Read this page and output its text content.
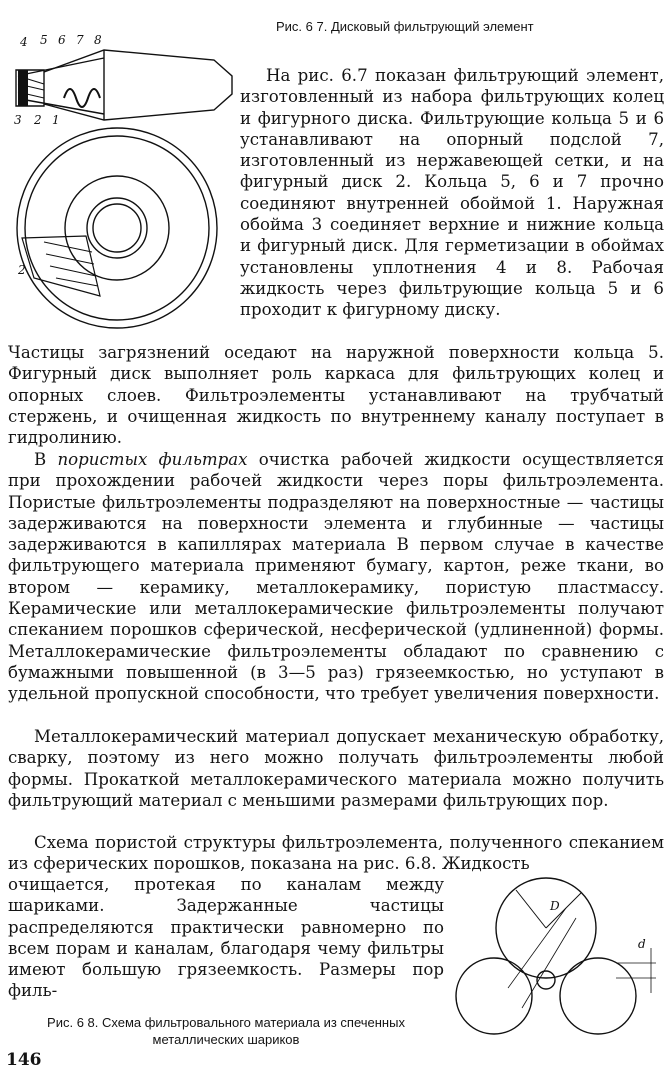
Рис. 6 7. Дисковый фильтрующий элемент
4 5 6 7 8
3 2 1
2
На рис. 6.7 показан фильтрующий элемент, изготовленный из набора фильтрующих колец и фигурного диска. Фильтрующие кольца 5 и 6 устанавливают на опорный подслой 7, изготовленный из нержавеющей сетки, и на фигурный диск 2. Кольца 5, 6 и 7 прочно соединяют внутренней обоймой 1. Наружная обойма 3 соединяет верхние и нижние кольца и фигурный диск. Для герметизации в обоймах установлены уплотнения 4 и 8. Рабочая жидкость через фильтрующие кольца 5 и 6 проходит к фигурному диску.
Частицы загрязнений оседают на наружной поверхности кольца 5. Фигурный диск выполняет роль каркаса для фильтрующих колец и опорных слоев. Фильтроэлементы устанавливают на трубчатый стержень, и очищенная жидкость по внутреннему каналу поступает в гидролинию.
В пористых фильтрах очистка рабочей жидкости осуществляется при прохождении рабочей жидкости через поры фильтроэлемента. Пористые фильтроэлементы подразделяют на поверхностные — частицы задерживаются на поверхности элемента и глубинные — частицы задерживаются в капиллярах материала В первом случае в качестве фильтрующего материала применяют бумагу, картон, реже ткани, во втором — керамику, металлокерамику, пористую пластмассу. Керамические или металлокерамические фильтроэлементы получают спеканием порошков сферической, несферической (удлиненной) формы. Металлокерамические фильтроэлементы обладают по сравнению с бумажными повышенной (в 3—5 раз) грязеемкостью, но уступают в удельной пропускной способности, что требует увеличения поверхности.
Металлокерамический материал допускает механическую обработку, сварку, поэтому из него можно получать фильтроэлементы любой формы. Прокаткой металлокерамического материала можно получить фильтрующий материал с меньшими размерами фильтрующих пор.
Схема пористой структуры фильтроэлемента, полученного спеканием из сферических порошков, показана на рис. 6.8. Жидкость
очищается, протекая по каналам между шариками. Задержанные частицы распределяются практически равномерно по всем порам и каналам, благодаря чему фильтры имеют большую грязеемкость. Размеры пор филь-
D
d
Рис. 6 8. Схема фильтровального материала из спеченных металлических шариков
146
